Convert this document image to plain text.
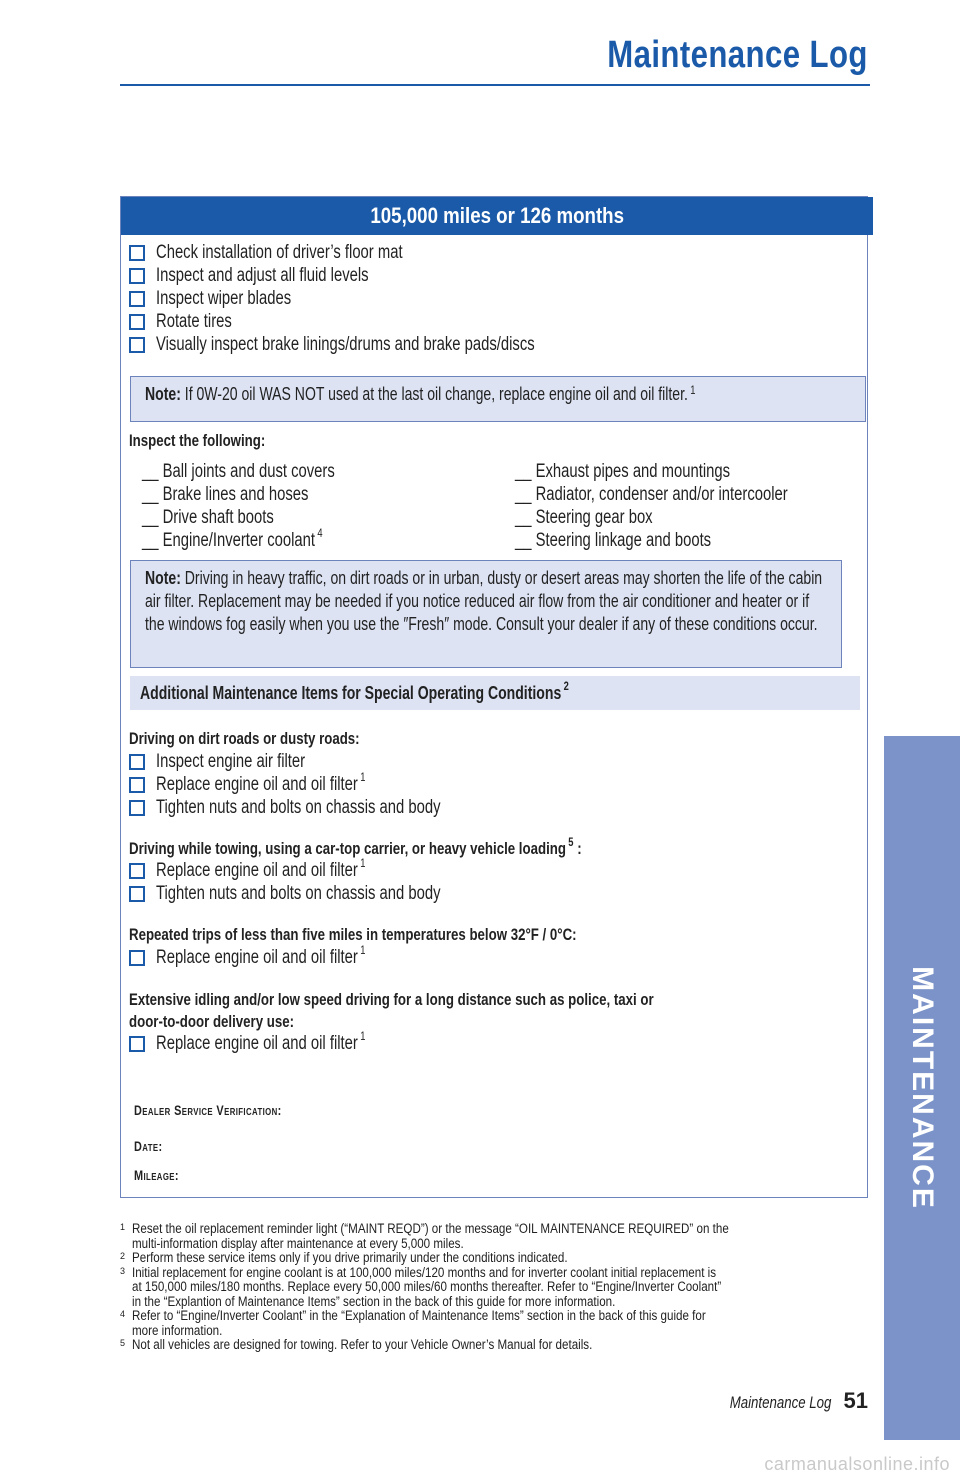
Maintenance Log
MAINTENANCE
105,000 miles or 126 months
Check installation of driver’s floor mat
Inspect and adjust all fluid levels
Inspect wiper blades
Rotate tires
Visually inspect brake linings/drums and brake pads/discs
Note: If 0W-20 oil WAS NOT used at the last oil change, replace engine oil and oil filter. $^1$
Inspect the following:
__ Ball joints and dust covers
__ Brake lines and hoses
__ Drive shaft boots
__ Engine/Inverter coolant $^4$
__ Exhaust pipes and mountings
__ Radiator, condenser and/or intercooler
__ Steering gear box
__ Steering linkage and boots
Note: Driving in heavy traffic, on dirt roads or in urban, dusty or desert areas may shorten the life of the cabin air filter. Replacement may be needed if you notice reduced air flow from the air conditioner and heater or if the windows fog easily when you use the ″Fresh″ mode. Consult your dealer if any of these conditions occur.
Additional Maintenance Items for Special Operating Conditions $^2$
Driving on dirt roads or dusty roads:
Inspect engine air filter
Replace engine oil and oil filter $^1$
Tighten nuts and bolts on chassis and body
Driving while towing, using a car-top carrier, or heavy vehicle loading $^5$ :
Replace engine oil and oil filter $^1$
Tighten nuts and bolts on chassis and body
Repeated trips of less than five miles in temperatures below 32°F / 0°C:
Replace engine oil and oil filter $^1$
Extensive idling and/or low speed driving for a long distance such as police, taxi or
door-to-door delivery use:
Replace engine oil and oil filter $^1$
Dealer Service Verification:
Date:
Mileage:
1 Reset the oil replacement reminder light (“MAINT REQD”) or the message “OIL MAINTENANCE REQUIRED” on the
multi-information display after maintenance at every 5,000 miles.
2 Perform these service items only if you drive primarily under the conditions indicated.
3 Initial replacement for engine coolant is at 100,000 miles/120 months and for inverter coolant initial replacement is
at 150,000 miles/180 months. Replace every 50,000 miles/60 months thereafter. Refer to “Engine/Inverter Coolant”
in the “Explantion of Maintenance Items” section in the back of this guide for more information.
4 Refer to “Engine/Inverter Coolant” in the “Explanation of Maintenance Items” section in the back of this guide for
more information.
5 Not all vehicles are designed for towing. Refer to your Vehicle Owner’s Manual for details.
Maintenance Log 51
carmanualsonline.info
